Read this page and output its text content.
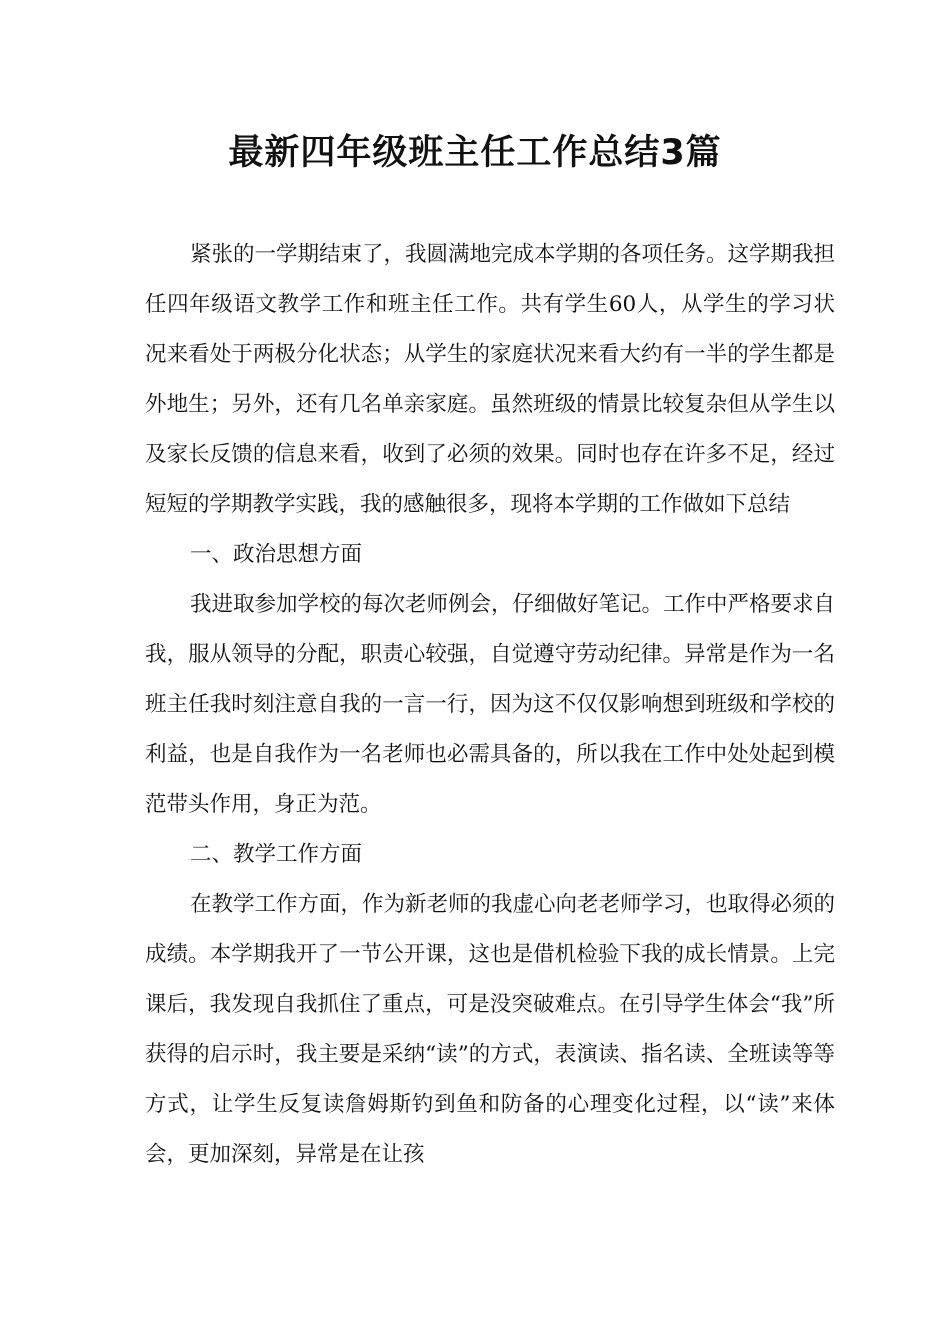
最新四年级班主任工作总结3篇

紧张的一学期结束了，我圆满地完成本学期的各项任务。这学期我担任四年级语文教学工作和班主任工作。共有学生60人，从学生的学习状况来看处于两极分化状态；从学生的家庭状况来看大约有一半的学生都是外地生；另外，还有几名单亲家庭。虽然班级的情景比较复杂但从学生以及家长反馈的信息来看，收到了必须的效果。同时也存在许多不足，经过短短的学期教学实践，我的感触很多，现将本学期的工作做如下总结

一、政治思想方面

我进取参加学校的每次老师例会，仔细做好笔记。工作中严格要求自我，服从领导的分配，职责心较强，自觉遵守劳动纪律。异常是作为一名班主任我时刻注意自我的一言一行，因为这不仅仅影响想到班级和学校的利益，也是自我作为一名老师也必需具备的，所以我在工作中处处起到模范带头作用，身正为范。

二、教学工作方面

在教学工作方面，作为新老师的我虚心向老老师学习，也取得必须的成绩。本学期我开了一节公开课，这也是借机检验下我的成长情景。上完课后，我发现自我抓住了重点，可是没突破难点。在引导学生体会“我”所获得的启示时，我主要是采纳“读”的方式，表演读、指名读、全班读等等方式，让学生反复读詹姆斯钓到鱼和防备的心理变化过程，以“读”来体会，更加深刻，异常是在让孩
